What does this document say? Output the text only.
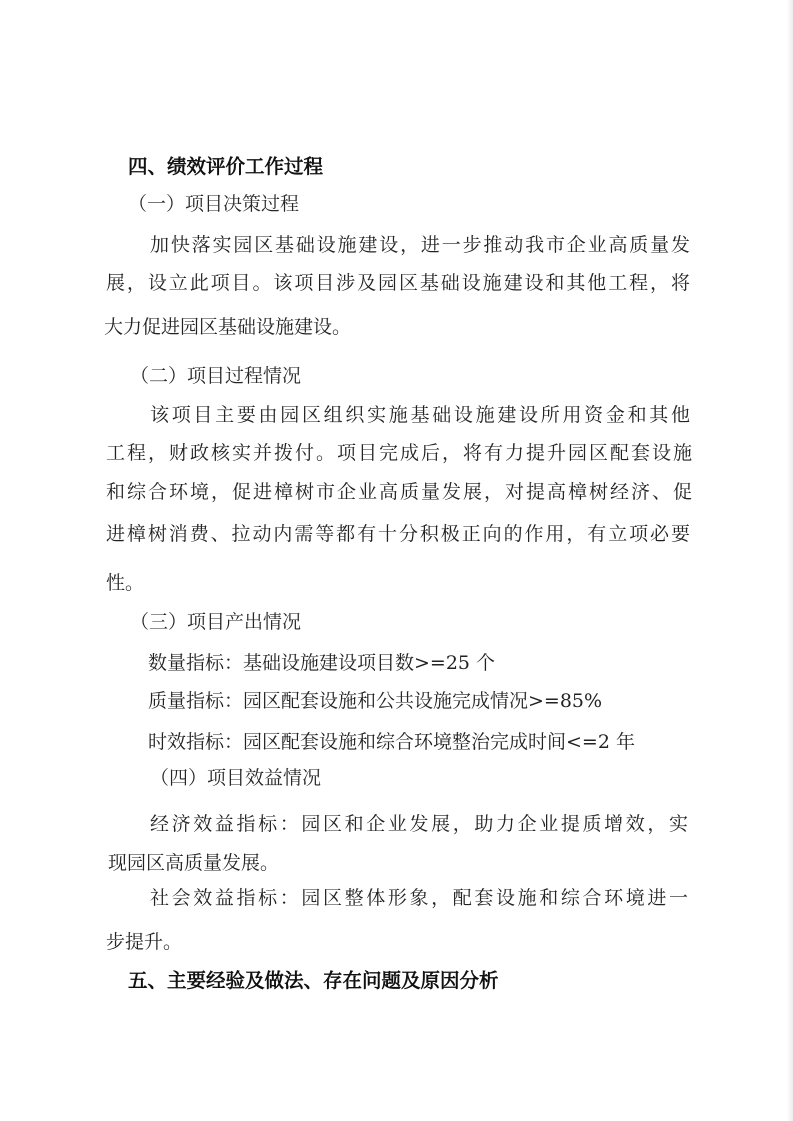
四、绩效评价工作过程
（一）项目决策过程
加快落实园区基础设施建设，进一步推动我市企业高质量发
展，设立此项目。该项目涉及园区基础设施建设和其他工程，将
大力促进园区基础设施建设。
（二）项目过程情况
该项目主要由园区组织实施基础设施建设所用资金和其他
工程，财政核实并拨付。项目完成后，将有力提升园区配套设施
和综合环境，促进樟树市企业高质量发展，对提高樟树经济、促
进樟树消费、拉动内需等都有十分积极正向的作用，有立项必要
性。
（三）项目产出情况
数量指标：基础设施建设项目数>=25 个
质量指标：园区配套设施和公共设施完成情况>=85%
时效指标：园区配套设施和综合环境整治完成时间<=2 年
（四）项目效益情况
经济效益指标：园区和企业发展，助力企业提质增效，实
现园区高质量发展。
社会效益指标：园区整体形象，配套设施和综合环境进一
步提升。
五、主要经验及做法、存在问题及原因分析
